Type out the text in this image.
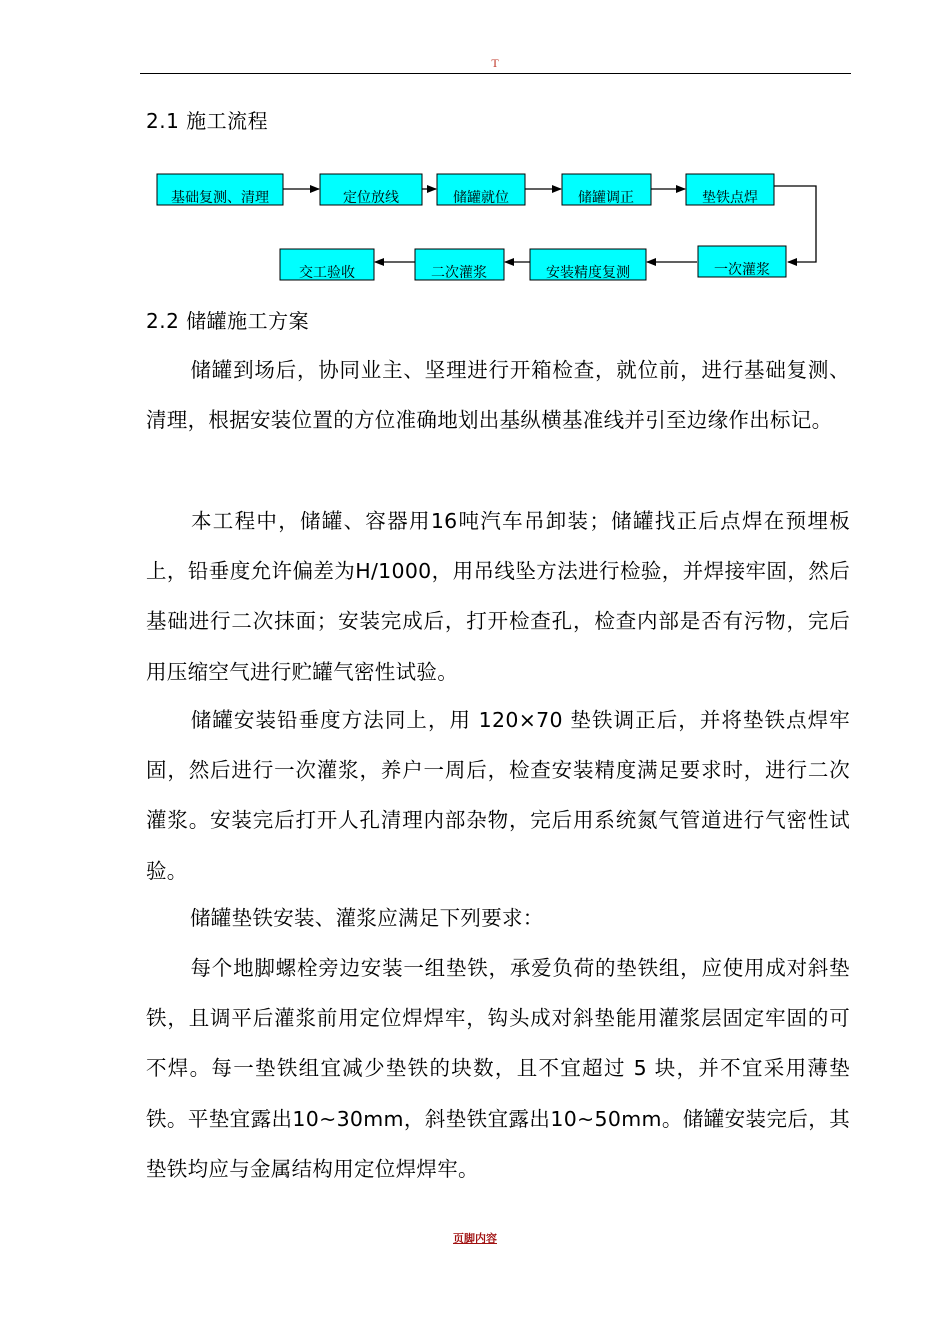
T
2.1 施工流程
基础复测、清理	定位放线	储罐就位	储罐调正	垫铁点焊
交工验收	二次灌浆	安装精度复测	一次灌浆
2.2 储罐施工方案
储罐到场后，协同业主、坚理进行开箱检查，就位前，进行基础复测、清理，根据安装位置的方位准确地划出基纵横基准线并引至边缘作出标记。
本工程中，储罐、容器用16吨汽车吊卸装；储罐找正后点焊在预埋板上，铅垂度允许偏差为H/1000，用吊线坠方法进行检验，并焊接牢固，然后基础进行二次抹面；安装完成后，打开检查孔，检查内部是否有污物，完后用压缩空气进行贮罐气密性试验。
储罐安装铅垂度方法同上，用 120×70 垫铁调正后，并将垫铁点焊牢固，然后进行一次灌浆，养户一周后，检查安装精度满足要求时，进行二次灌浆。安装完后打开人孔清理内部杂物，完后用系统氮气管道进行气密性试验。
储罐垫铁安装、灌浆应满足下列要求：
每个地脚螺栓旁边安装一组垫铁，承爱负荷的垫铁组，应使用成对斜垫铁，且调平后灌浆前用定位焊焊牢，钩头成对斜垫能用灌浆层固定牢固的可不焊。每一垫铁组宜减少垫铁的块数，且不宜超过 5 块，并不宜采用薄垫铁。平垫宜露出10~30mm，斜垫铁宜露出10~50mm。储罐安装完后，其垫铁均应与金属结构用定位焊焊牢。
页脚内容
